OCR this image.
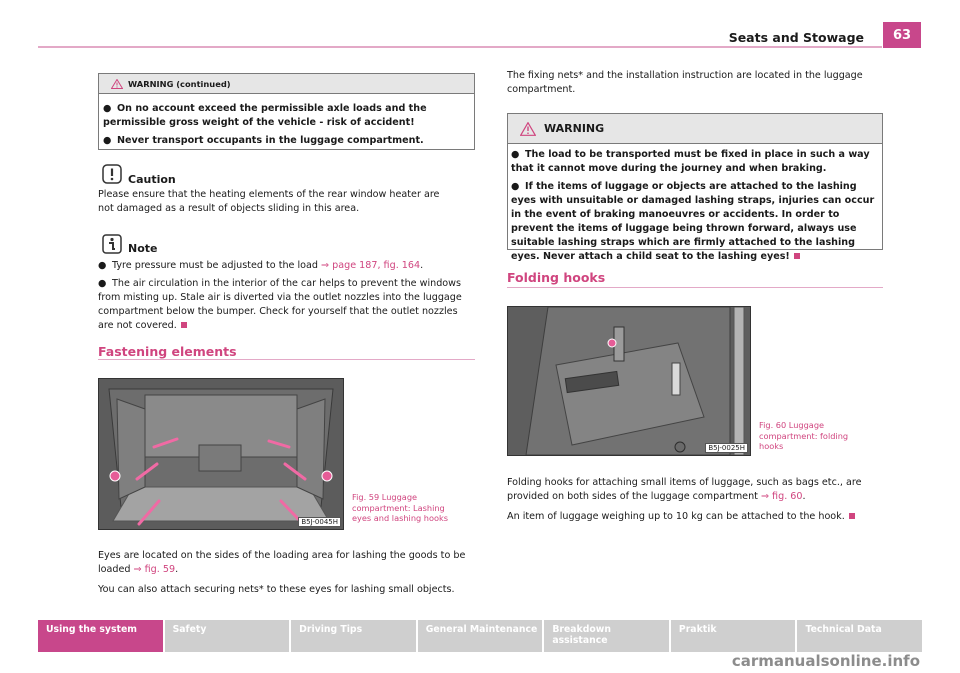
Seats and Stowage	63
WARNING (continued)
● On no account exceed the permissible axle loads and the permissible gross weight of the vehicle - risk of accident!
● Never transport occupants in the luggage compartment.
Caution
Please ensure that the heating elements of the rear window heater are not damaged as a result of objects sliding in this area.
Note
● Tyre pressure must be adjusted to the load ⇒ page 187, fig. 164.
● The air circulation in the interior of the car helps to prevent the windows from misting up. Stale air is diverted via the outlet nozzles into the luggage compartment below the bumper. Check for yourself that the outlet nozzles are not covered.
Fastening elements
B5J-0045H
Fig. 59 Luggage compartment: Lashing eyes and lashing hooks
Eyes are located on the sides of the loading area for lashing the goods to be loaded ⇒ fig. 59.
You can also attach securing nets* to these eyes for lashing small objects.
The fixing nets* and the installation instruction are located in the luggage compartment.
WARNING
● The load to be transported must be fixed in place in such a way that it cannot move during the journey and when braking.
● If the items of luggage or objects are attached to the lashing eyes with unsuitable or damaged lashing straps, injuries can occur in the event of braking manoeuvres or accidents. In order to prevent the items of luggage being thrown forward, always use suitable lashing straps which are firmly attached to the lashing eyes. Never attach a child seat to the lashing eyes!
Folding hooks
B5J-0025H
Fig. 60 Luggage compartment: folding hooks
Folding hooks for attaching small items of luggage, such as bags etc., are provided on both sides of the luggage compartment ⇒ fig. 60.
An item of luggage weighing up to 10 kg can be attached to the hook.
Using the system	Safety	Driving Tips	General Maintenance	Breakdown assistance
Praktik	Technical Data
carmanualsonline.info
